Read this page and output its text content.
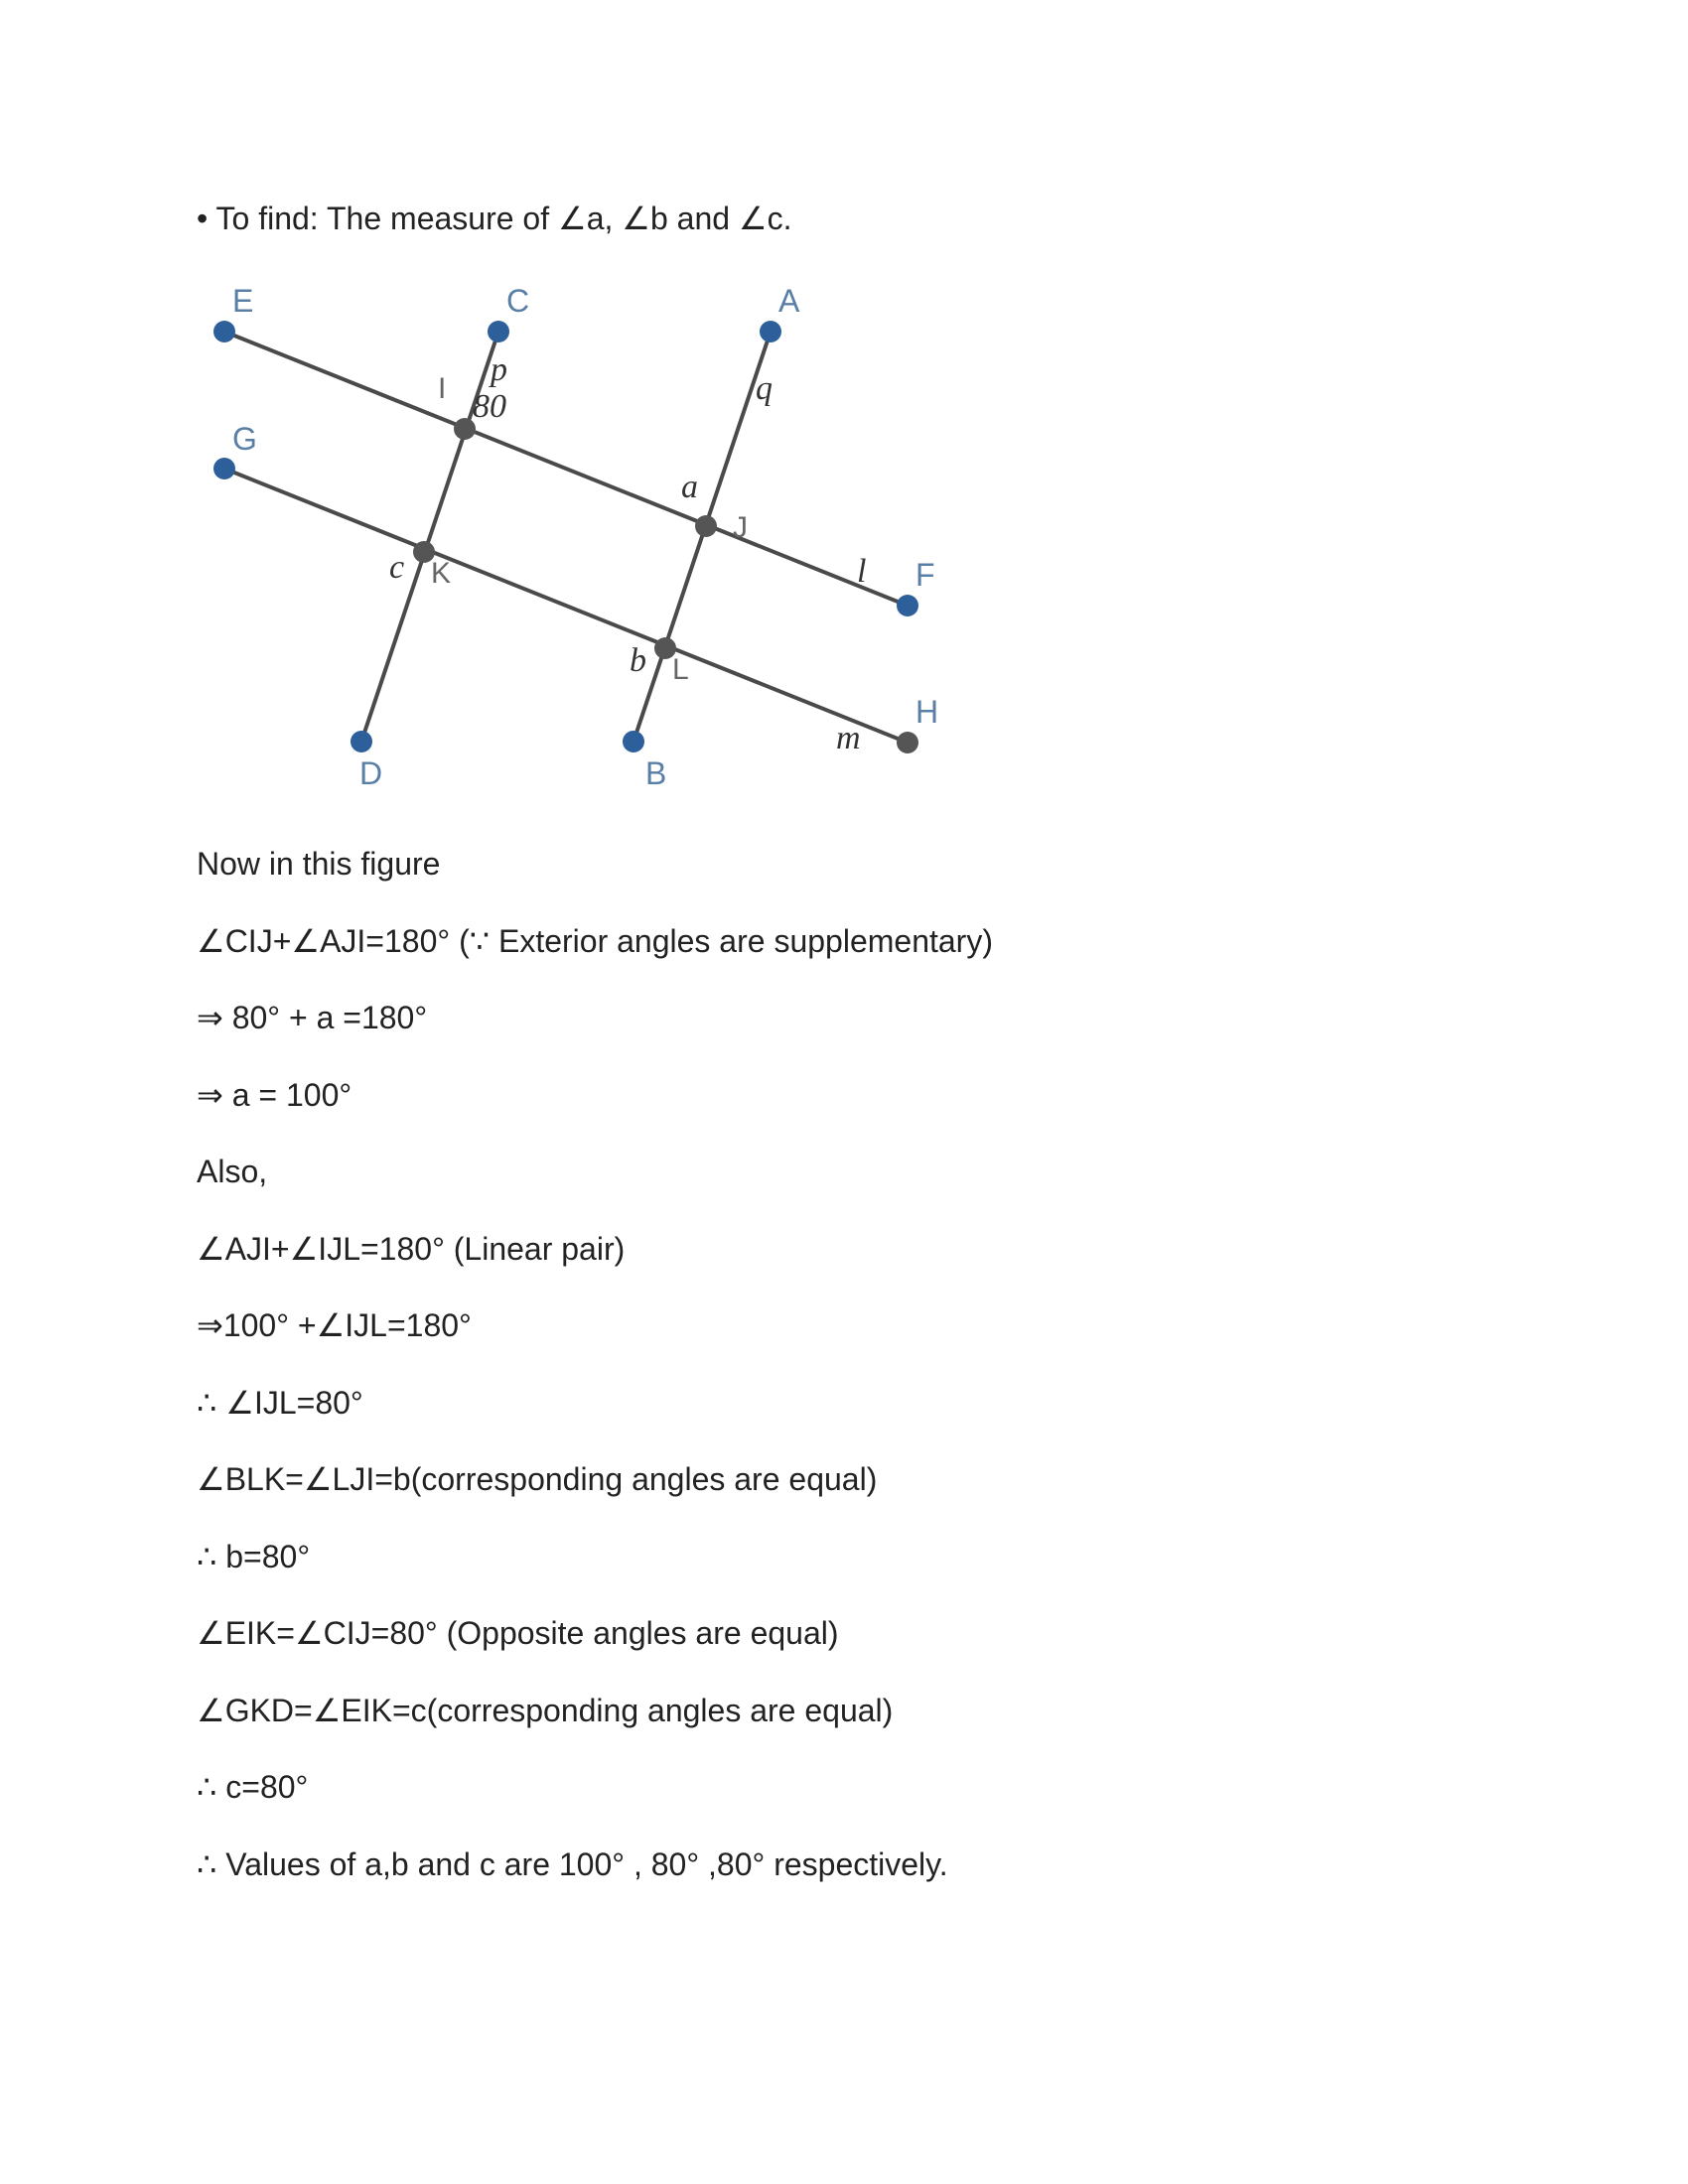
• To find: The measure of ∠a, ∠b and ∠c.
E	C	A
G
F
H
D	B
I
J
K
L
p
80	q
a
c
b
l
m
Now in this figure
∠CIJ+∠AJI=180° (∵ Exterior angles are supplementary)
⇒ 80° + a =180°
⇒ a = 100°
Also,
∠AJI+∠IJL=180° (Linear pair)
⇒100° +∠IJL=180°
∴ ∠IJL=80°
∠BLK=∠LJI=b(corresponding angles are equal)
∴ b=80°
∠EIK=∠CIJ=80° (Opposite angles are equal)
∠GKD=∠EIK=c(corresponding angles are equal)
∴ c=80°
∴ Values of a,b and c are 100° , 80° ,80° respectively.
